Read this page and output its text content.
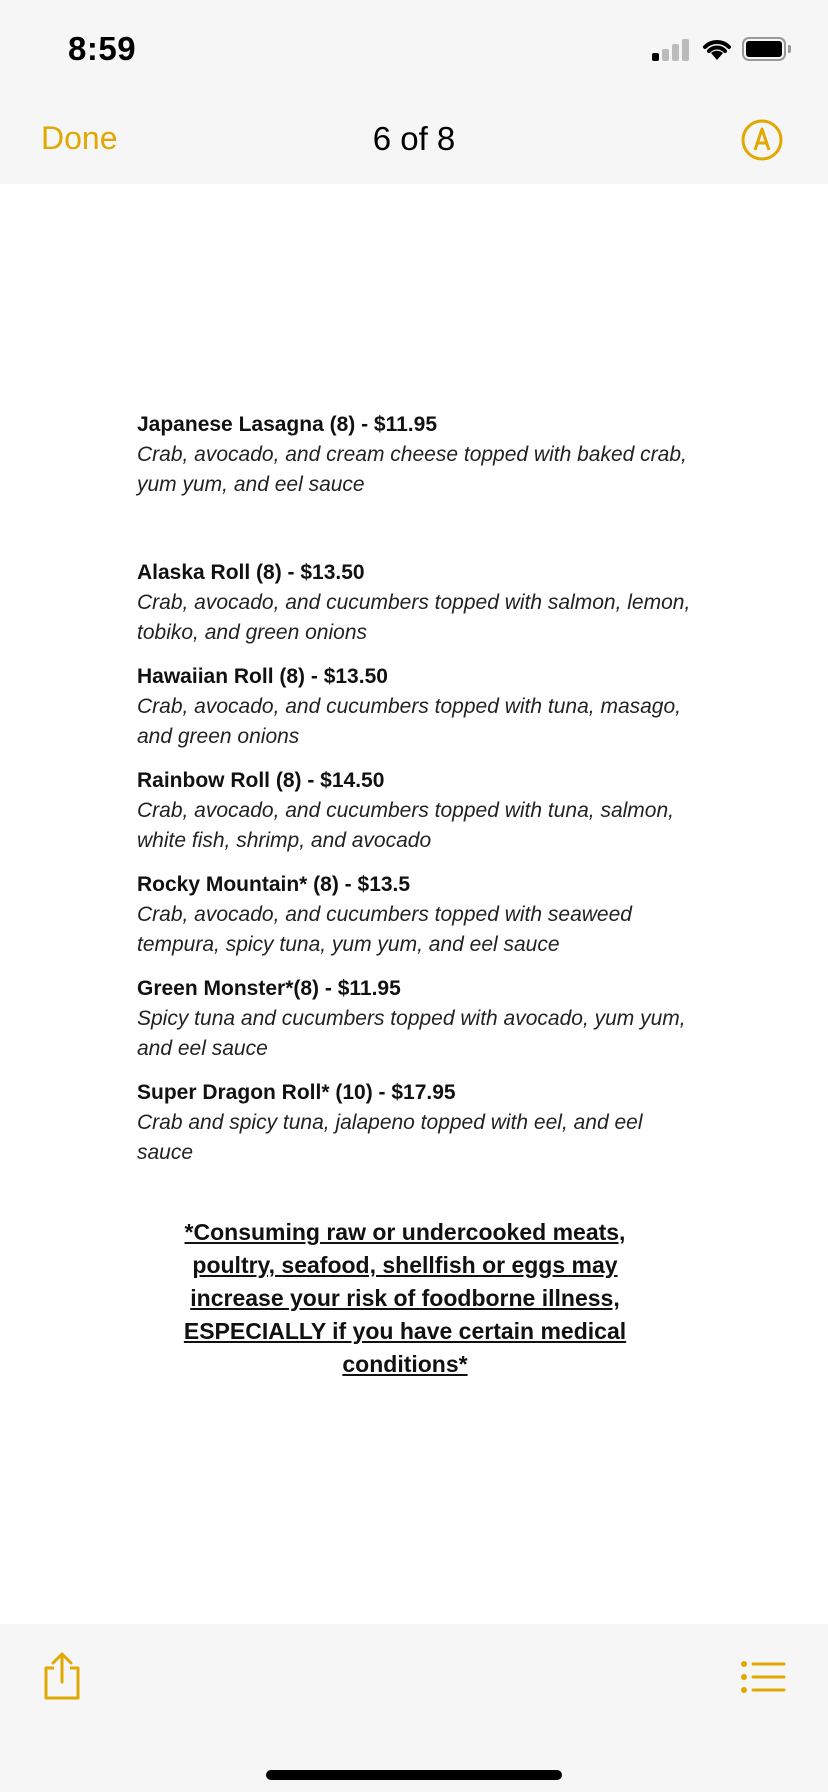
8:59
Done	6 of 8
Japanese Lasagna (8) - $11.95
Crab, avocado, and cream cheese topped with baked crab, yum yum, and eel sauce
Alaska Roll (8) - $13.50
Crab, avocado, and cucumbers topped with salmon, lemon, tobiko, and green onions
Hawaiian Roll (8) - $13.50
Crab, avocado, and cucumbers topped with tuna, masago, and green onions
Rainbow Roll (8) - $14.50
Crab, avocado, and cucumbers topped with tuna, salmon, white fish, shrimp, and avocado
Rocky Mountain* (8) - $13.5
Crab, avocado, and cucumbers topped with seaweed tempura, spicy tuna, yum yum, and eel sauce
Green Monster*(8) - $11.95
Spicy tuna and cucumbers topped with avocado, yum yum, and eel sauce
Super Dragon Roll* (10) - $17.95
Crab and spicy tuna, jalapeno topped with eel, and eel sauce
*Consuming raw or undercooked meats, poultry, seafood, shellfish or eggs may increase your risk of foodborne illness, ESPECIALLY if you have certain medical conditions*
